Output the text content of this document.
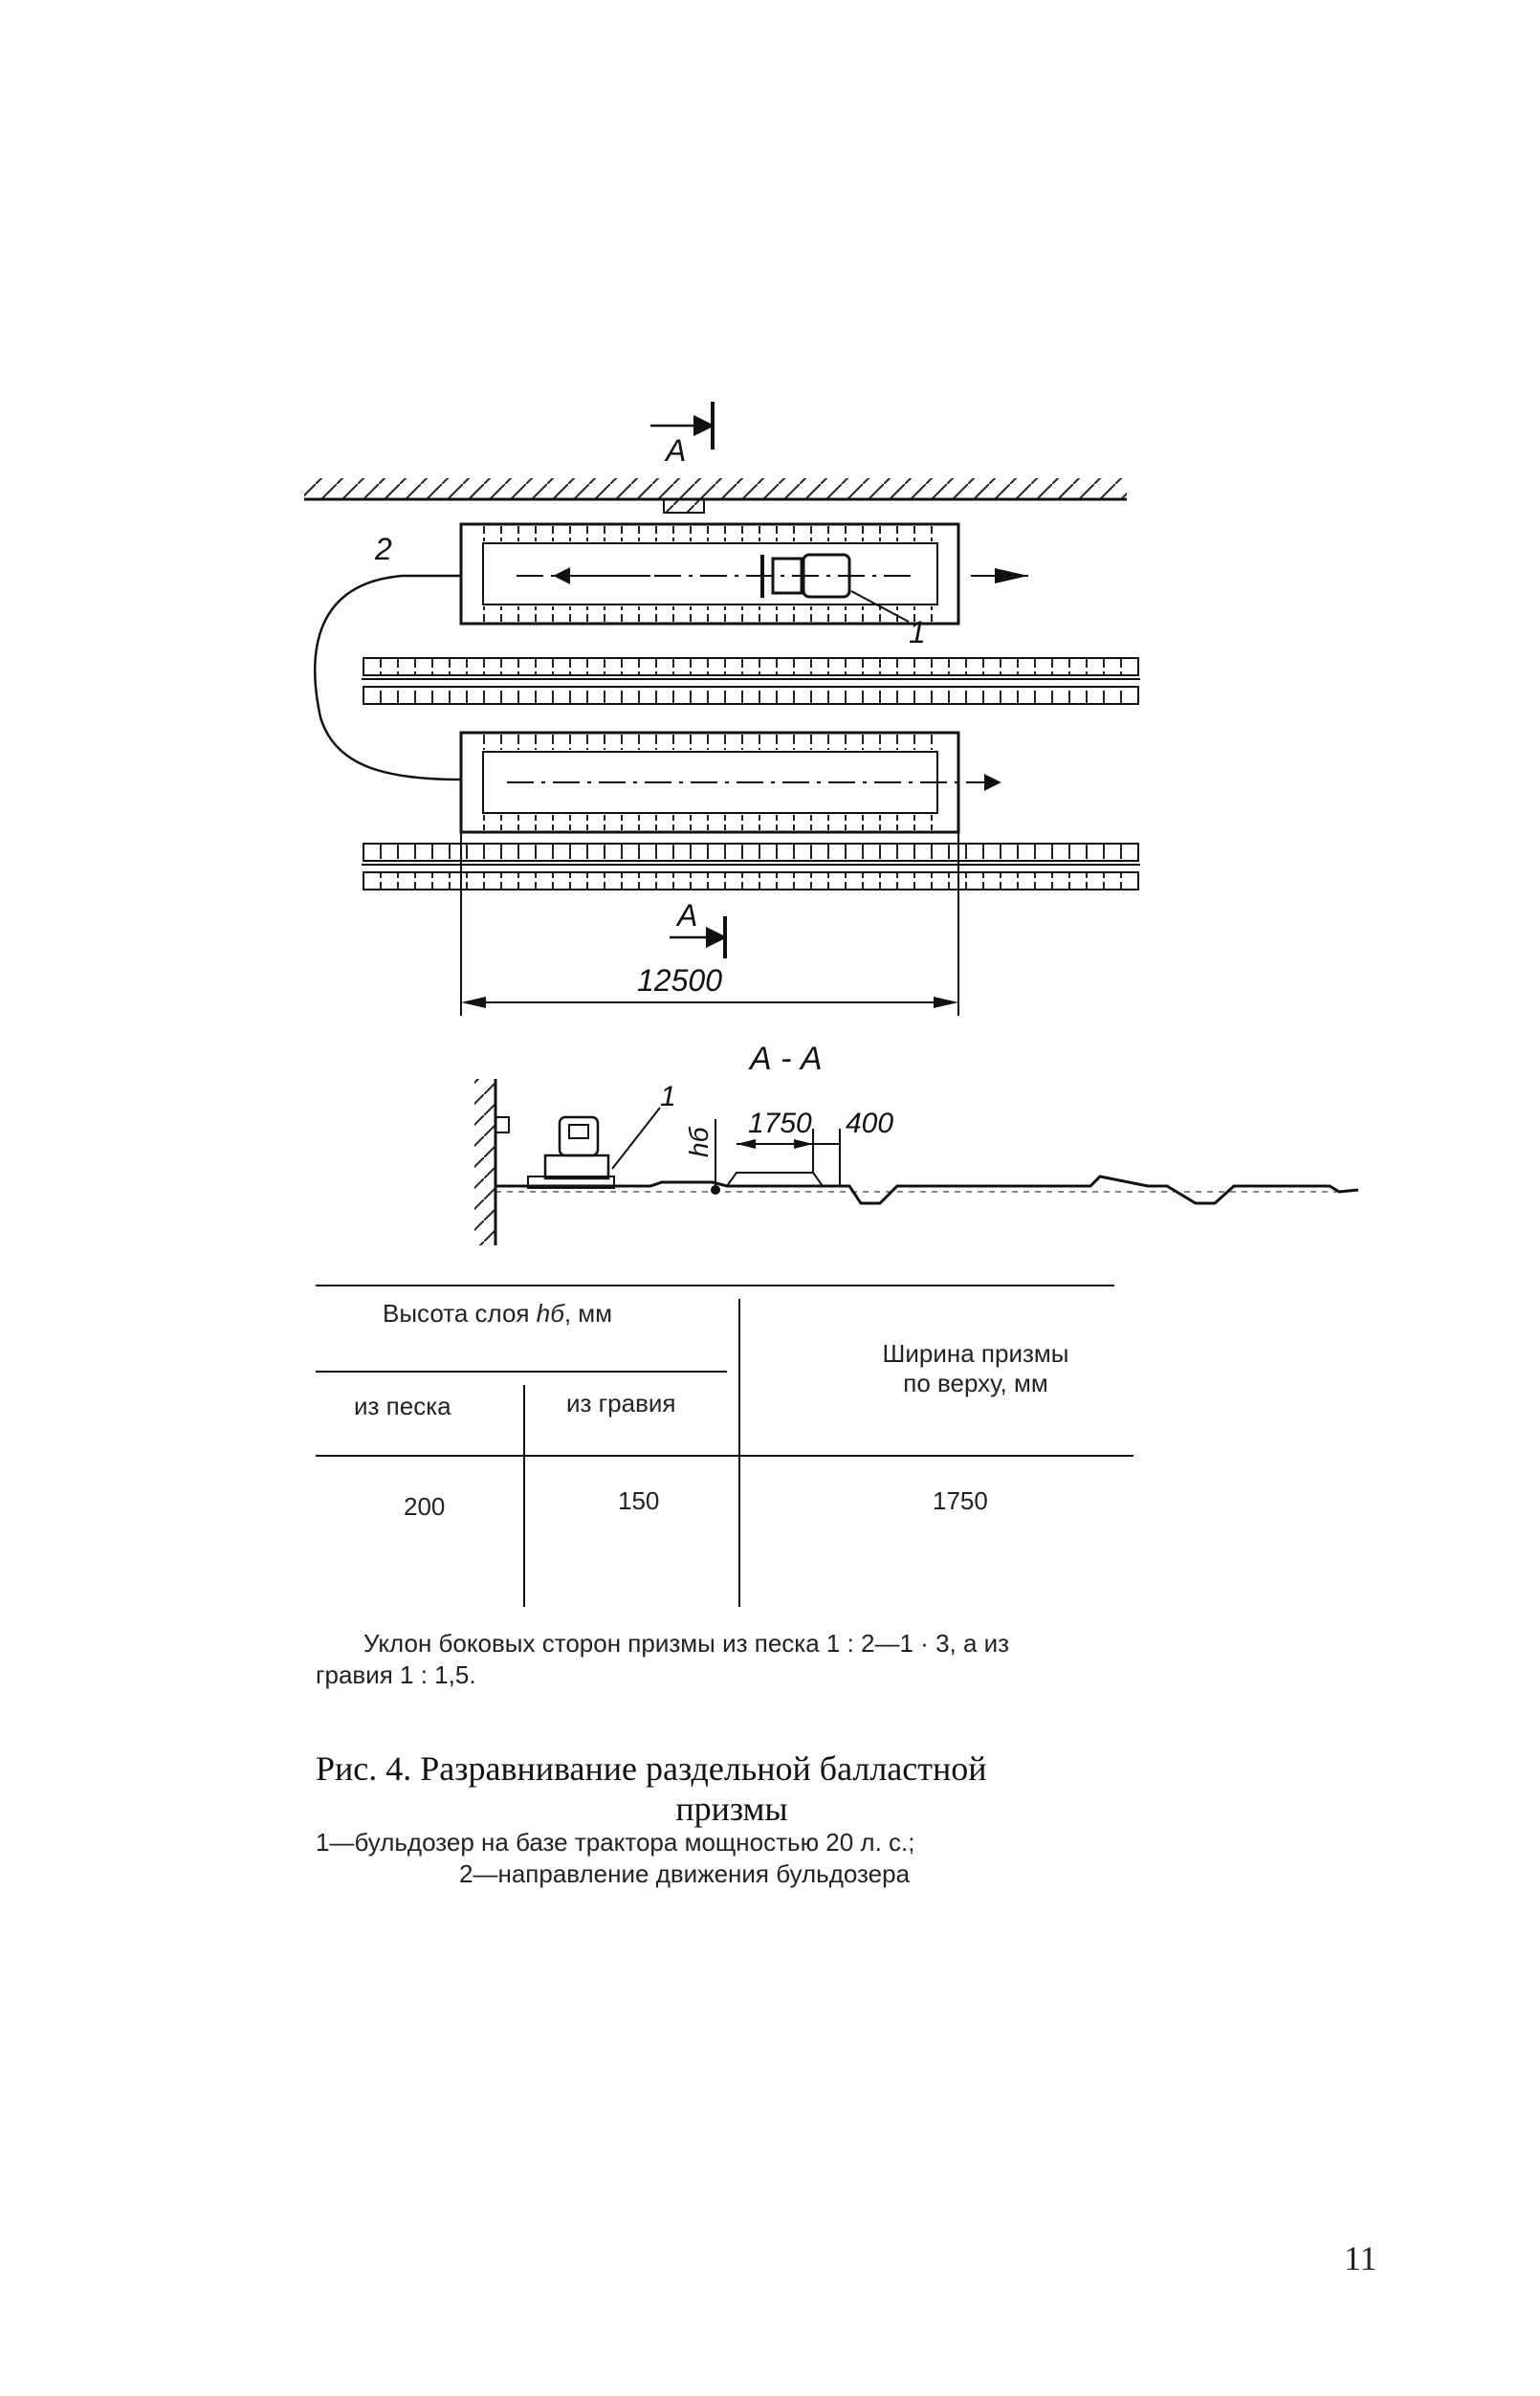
А
1
2
А
12500
А - А
1
hб
1750 400
Высота слоя hб, мм
из песка	из гравия
Ширина призмы
по верху, мм
200	150	1750
Уклон боковых сторон призмы из песка 1 : 2—1 · 3, а из
гравия 1 : 1,5.
Рис. 4. Разравнивание раздельной балластной
призмы
1—бульдозер на базе трактора мощностью 20 л. с.;
2—направление движения бульдозера
11
